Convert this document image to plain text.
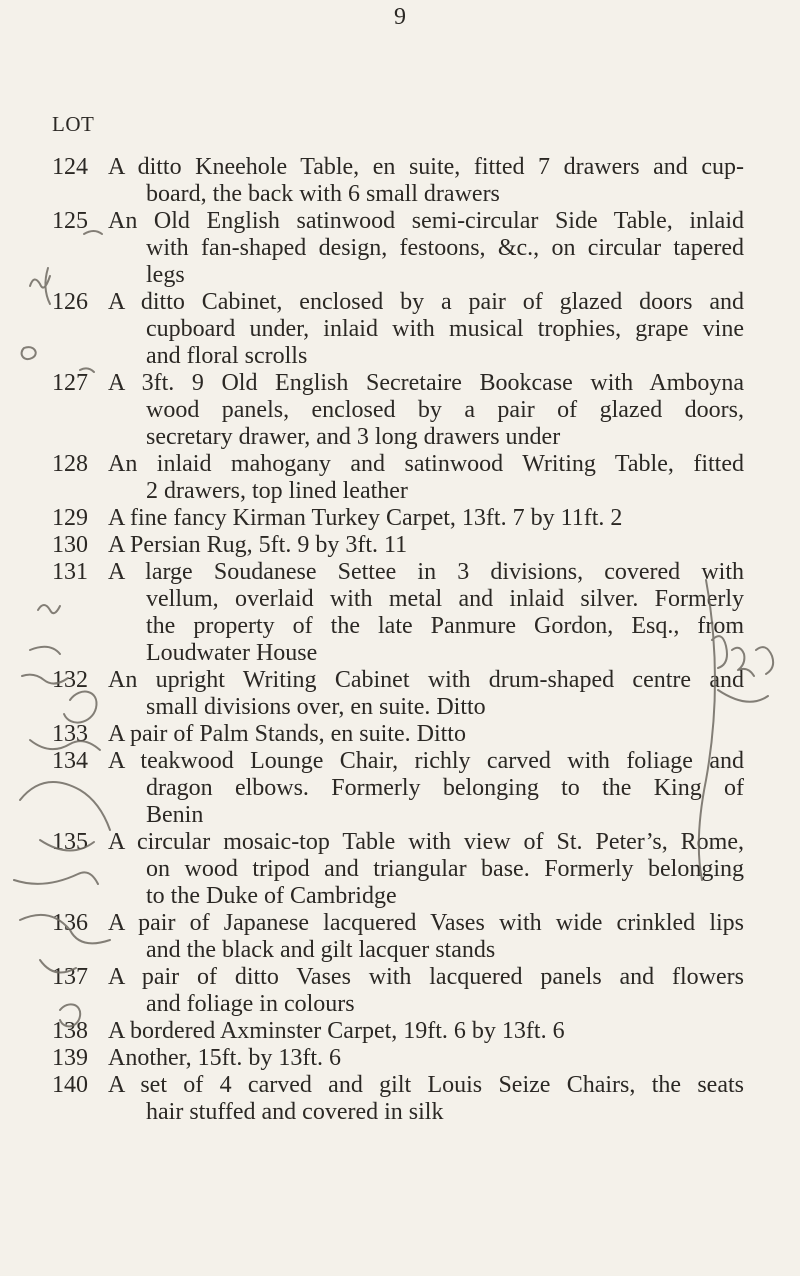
9
LOT
124 A ditto Kneehole Table, en suite, fitted 7 drawers and cup-
board, the back with 6 small drawers
125 An Old English satinwood semi-circular Side Table, inlaid
with fan-shaped design, festoons, &c., on circular tapered
legs
126 A ditto Cabinet, enclosed by a pair of glazed doors and
cupboard under, inlaid with musical trophies, grape vine
and floral scrolls
127 A 3ft. 9 Old English Secretaire Bookcase with Amboyna
wood panels, enclosed by a pair of glazed doors,
secretary drawer, and 3 long drawers under
128 An inlaid mahogany and satinwood Writing Table, fitted
2 drawers, top lined leather
129 A fine fancy Kirman Turkey Carpet, 13ft. 7 by 11ft. 2
130 A Persian Rug, 5ft. 9 by 3ft. 11
131 A large Soudanese Settee in 3 divisions, covered with
vellum, overlaid with metal and inlaid silver. Formerly
the property of the late Panmure Gordon, Esq., from
Loudwater House
132 An upright Writing Cabinet with drum-shaped centre and
small divisions over, en suite. Ditto
133 A pair of Palm Stands, en suite. Ditto
134 A teakwood Lounge Chair, richly carved with foliage and
dragon elbows. Formerly belonging to the King of
Benin
135 A circular mosaic-top Table with view of St. Peter’s, Rome,
on wood tripod and triangular base. Formerly belonging
to the Duke of Cambridge
136 A pair of Japanese lacquered Vases with wide crinkled lips
and the black and gilt lacquer stands
137 A pair of ditto Vases with lacquered panels and flowers
and foliage in colours
138 A bordered Axminster Carpet, 19ft. 6 by 13ft. 6
139 Another, 15ft. by 13ft. 6
140 A set of 4 carved and gilt Louis Seize Chairs, the seats
hair stuffed and covered in silk
